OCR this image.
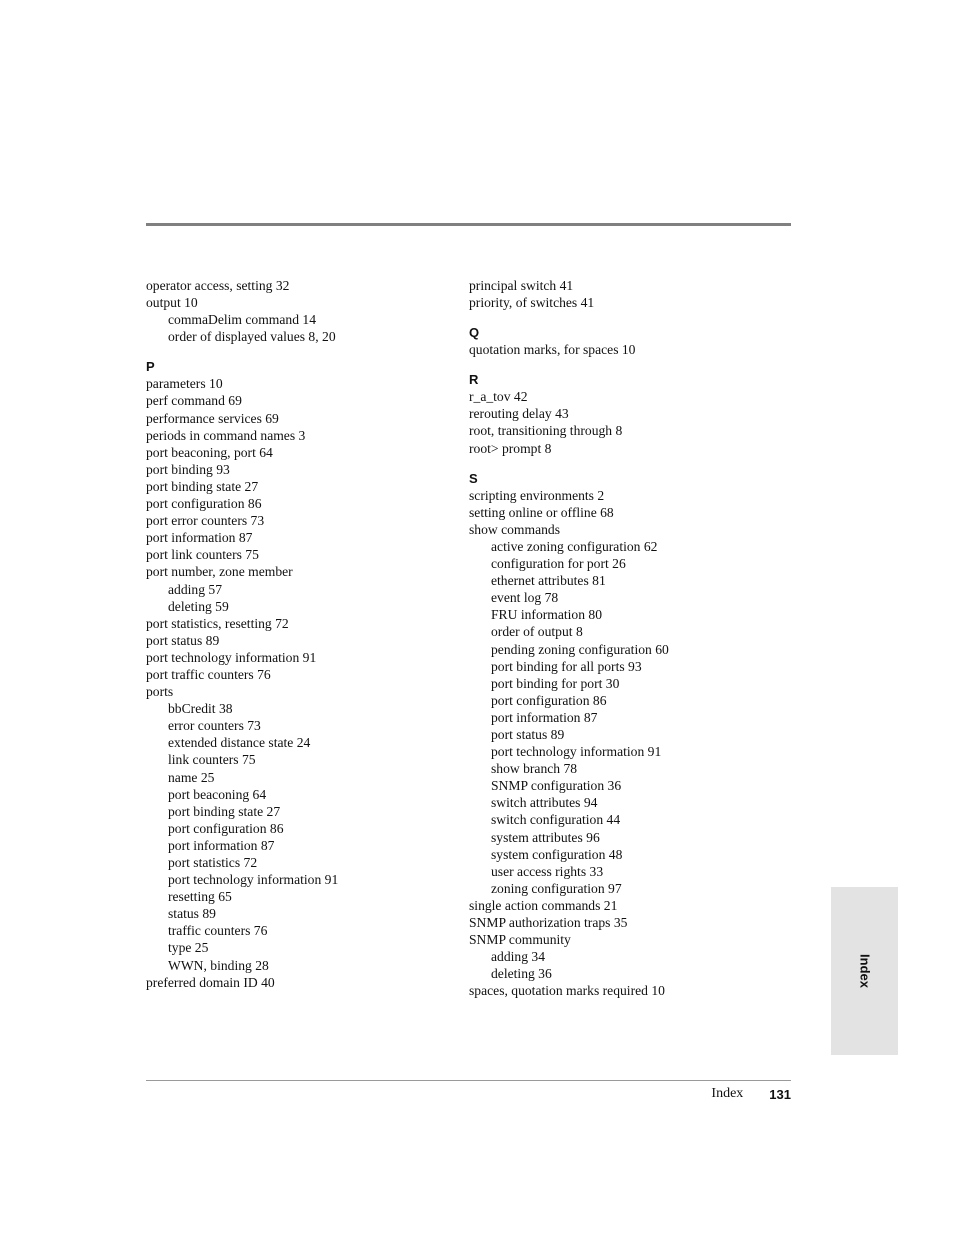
operator access, setting 32
output 10
commaDelim command 14
order of displayed values 8, 20
P
parameters 10
perf command 69
performance services 69
periods in command names 3
port beaconing, port 64
port binding 93
port binding state 27
port configuration 86
port error counters 73
port information 87
port link counters 75
port number, zone member
adding 57
deleting 59
port statistics, resetting 72
port status 89
port technology information 91
port traffic counters 76
ports
bbCredit 38
error counters 73
extended distance state 24
link counters 75
name 25
port beaconing 64
port binding state 27
port configuration 86
port information 87
port statistics 72
port technology information 91
resetting 65
status 89
traffic counters 76
type 25
WWN, binding 28
preferred domain ID 40
principal switch 41
priority, of switches 41
Q
quotation marks, for spaces 10
R
r_a_tov 42
rerouting delay 43
root, transitioning through 8
root> prompt 8
S
scripting environments 2
setting online or offline 68
show commands
active zoning configuration 62
configuration for port 26
ethernet attributes 81
event log 78
FRU information 80
order of output 8
pending zoning configuration 60
port binding for all ports 93
port binding for port 30
port configuration 86
port information 87
port status 89
port technology information 91
show branch 78
SNMP configuration 36
switch attributes 94
switch configuration 44
system attributes 96
system configuration 48
user access rights 33
zoning configuration 97
single action commands 21
SNMP authorization traps 35
SNMP community
adding 34
deleting 36
spaces, quotation marks required 10
Index
Index 131
